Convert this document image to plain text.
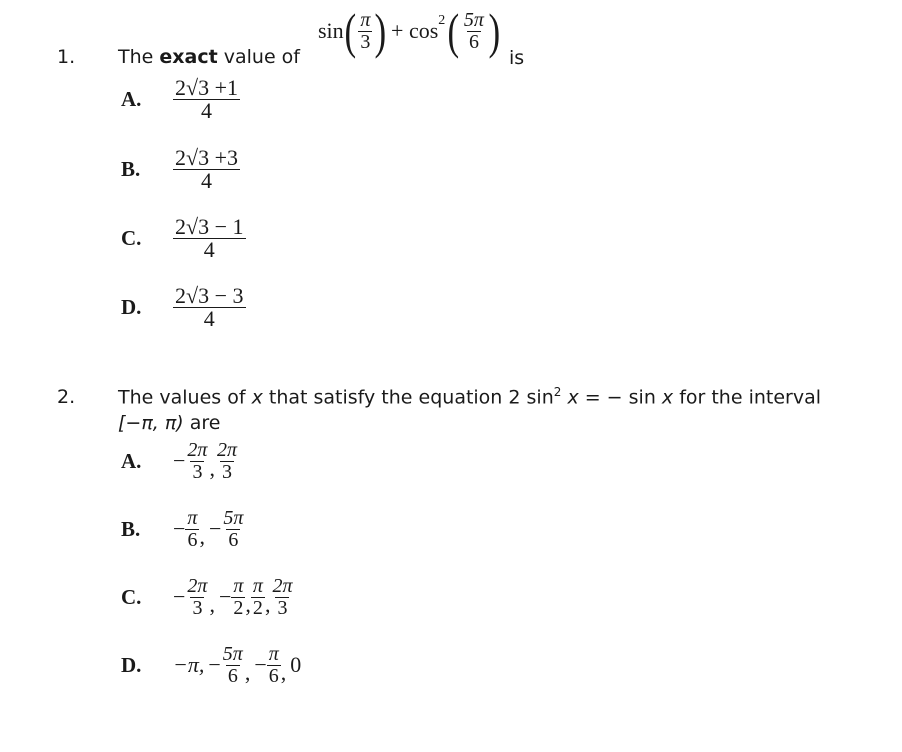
1. The exact value of
sin ( $\frac{\pi}{3}$ ) + $\cos^2$ ( $\frac{5\pi}{6}$ ) is
A.	$\frac{2√3 +1}{4}$
B.	$\frac{2√3 +3}{4}$
C.	$\frac{2√3 - 1}{4}$
D.	$\frac{2√3 - 3}{4}$
2. The values of x that satisfy the equation 2 $\sin^2 x$ = − sin x for the interval
[−π, π) are
A.	− $\frac{2\pi}{3}$ , $\frac{2\pi}{3}$
B.	− $\frac{\pi}{6}$ , − $\frac{5\pi}{6}$
C.	− $\frac{2\pi}{3}$ , − $\frac{\pi}{2}$ , $\frac{\pi}{2}$ , $\frac{2\pi}{3}$
D.	−π, − $\frac{5\pi}{6}$ , − $\frac{\pi}{6}$ , 0
